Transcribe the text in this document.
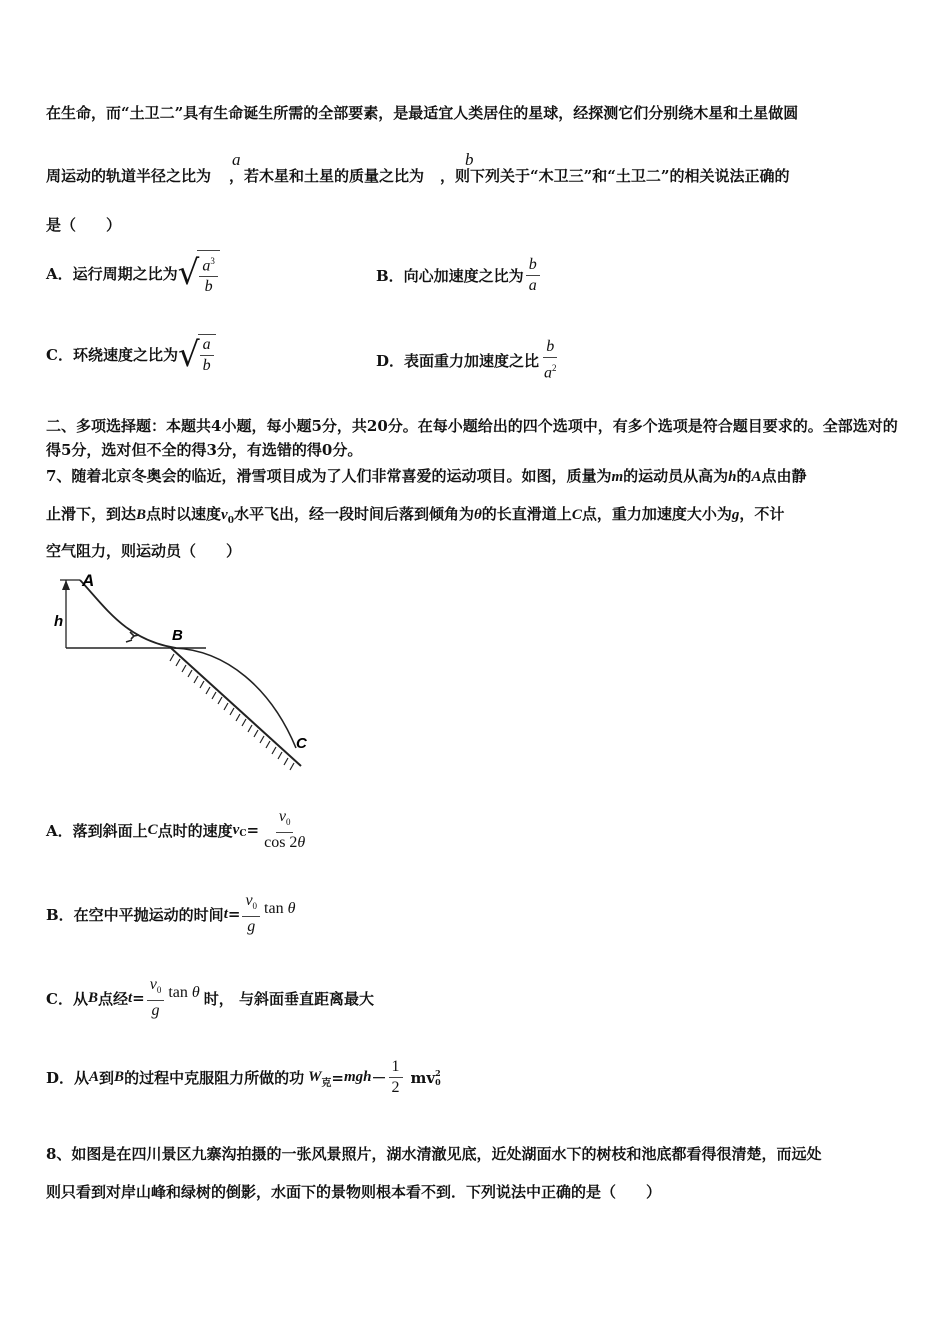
在生命，而“土卫二”具有生命诞生所需的全部要素，是最适宜人类居住的星球，经探测它们分别绕木星和土星做圆
周运动的轨道半径之比为 ，若木星和土星的质量之比为 ，则下列关于“木卫三”和“土卫二”的相关说法正确的
a	b
是（　　）
A．运行周期之比为 √ $\frac{a^3}{b}$	B．向心加速度之比为 $\frac{b}{a}$
C．环绕速度之比为 √ $\frac{a}{b}$	D．表面重力加速度之比 $\frac{b}{a^2}$
二、多项选择题：本题共4小题，每小题5分，共20分。在每小题给出的四个选项中，有多个选项是符合题目要求的。全部选对的得5分，选对但不全的得3分，有选错的得0分。
7、随着北京冬奥会的临近，滑雪项目成为了人们非常喜爱的运动项目。如图，质量为m的运动员从高为h的A点由静
止滑下，到达B点时以速度$v_0$水平飞出，经一段时间后落到倾角为θ的长直滑道上C点，重力加速度大小为g，不计
空气阻力，则运动员（　　）
A
h
B
C
A．落到斜面上 C 点时的速度 $v_C = \frac{v_0}{\cos 2\theta}$
B．在空中平抛运动的时间 $t = \frac{v_0}{g}$ tan θ
C．从 B 点经 $t = \frac{v_0}{g}$ tan θ 时， 与斜面垂直距离最大
D．从 A 到 B 的过程中克服阻力所做的功 $W_克$ = mgh － $\frac{1}{2}$ mv 2
0
8、如图是在四川景区九寨沟拍摄的一张风景照片，湖水清澈见底，近处湖面水下的树枝和池底都看得很清楚，而远处
则只看到对岸山峰和绿树的倒影，水面下的景物则根本看不到．下列说法中正确的是（　　）
